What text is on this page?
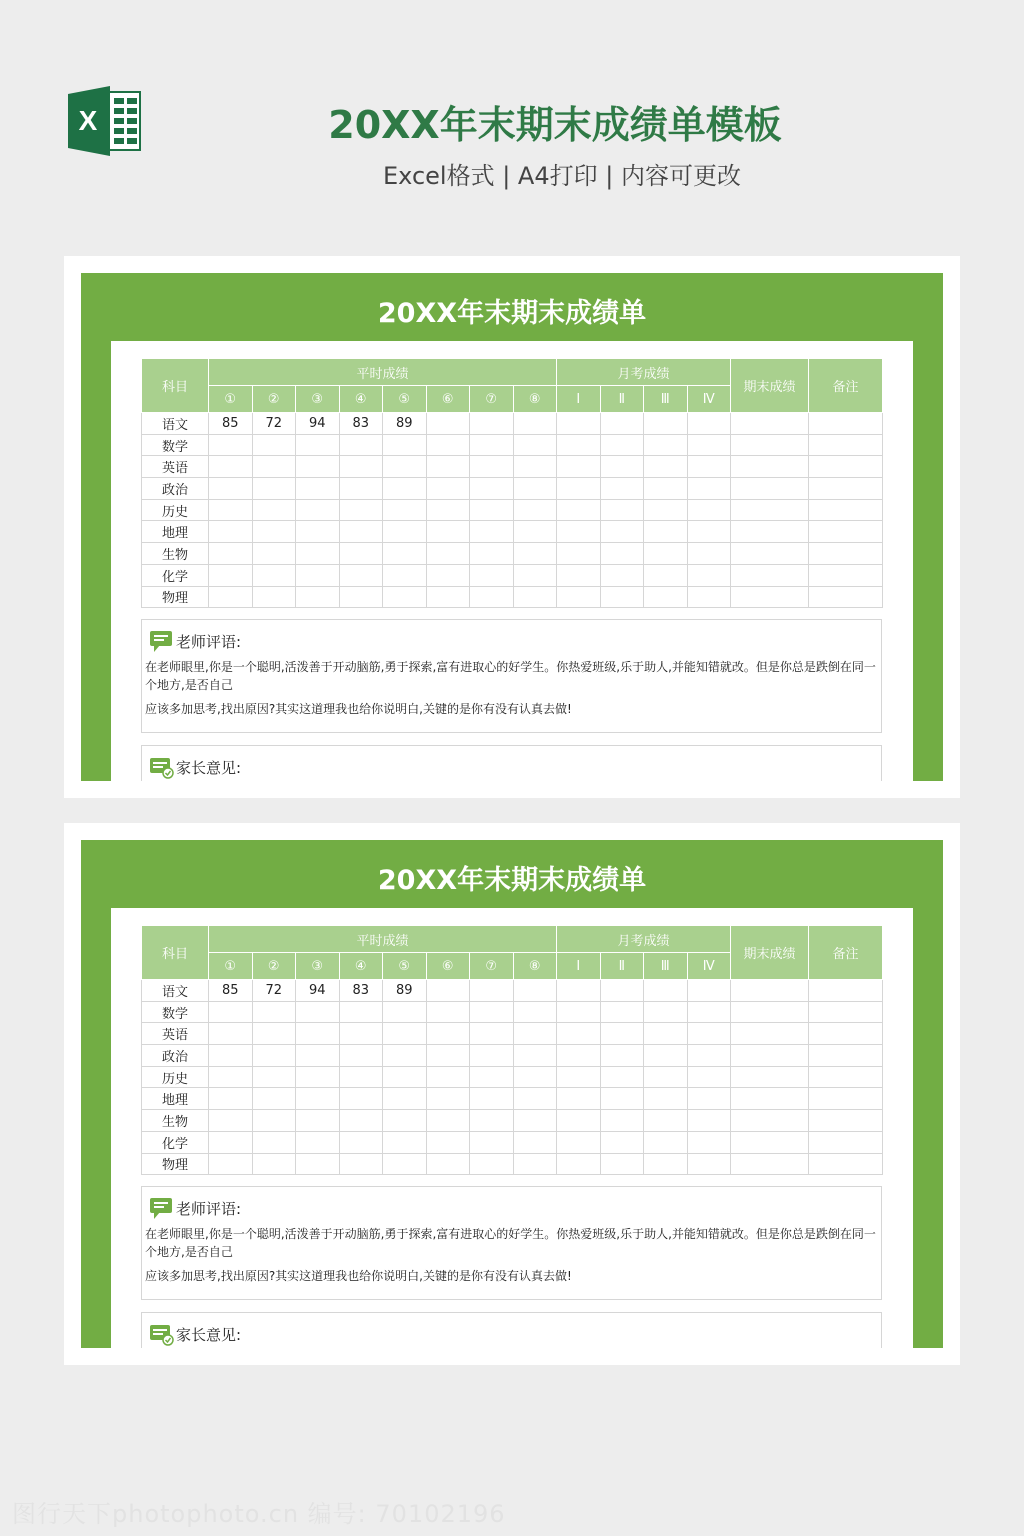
X	20XX年末期末成绩单模板
Excel格式 | A4打印 | 内容可更改
20XX年末期末成绩单
科目	平时成绩								月考成绩				期末成绩	备注
	①	②	③	④	⑤	⑥	⑦	⑧	Ⅰ	Ⅱ	Ⅲ	Ⅳ		
语文	85	72	94	83	89									
数学														
英语														
政治														
历史														
地理														
生物														
化学														
物理														
老师评语:

在老师眼里,你是一个聪明,活泼善于开动脑筋,勇于探索,富有进取心的好学生。你热爱班级,乐于助人,并能知错就改。但是你总是跌倒在同一个地方,是否自己

应该多加思考,找出原因?其实这道理我也给你说明白,关键的是你有没有认真去做!

家长意见:
20XX年末期末成绩单
科目	平时成绩								月考成绩				期末成绩	备注
	①	②	③	④	⑤	⑥	⑦	⑧	Ⅰ	Ⅱ	Ⅲ	Ⅳ		
语文	85	72	94	83	89									
数学														
英语														
政治														
历史														
地理														
生物														
化学														
物理														
老师评语:

在老师眼里,你是一个聪明,活泼善于开动脑筋,勇于探索,富有进取心的好学生。你热爱班级,乐于助人,并能知错就改。但是你总是跌倒在同一个地方,是否自己

应该多加思考,找出原因?其实这道理我也给你说明白,关键的是你有没有认真去做!

家长意见:
图行天下photophoto.cn 编号: 70102196
